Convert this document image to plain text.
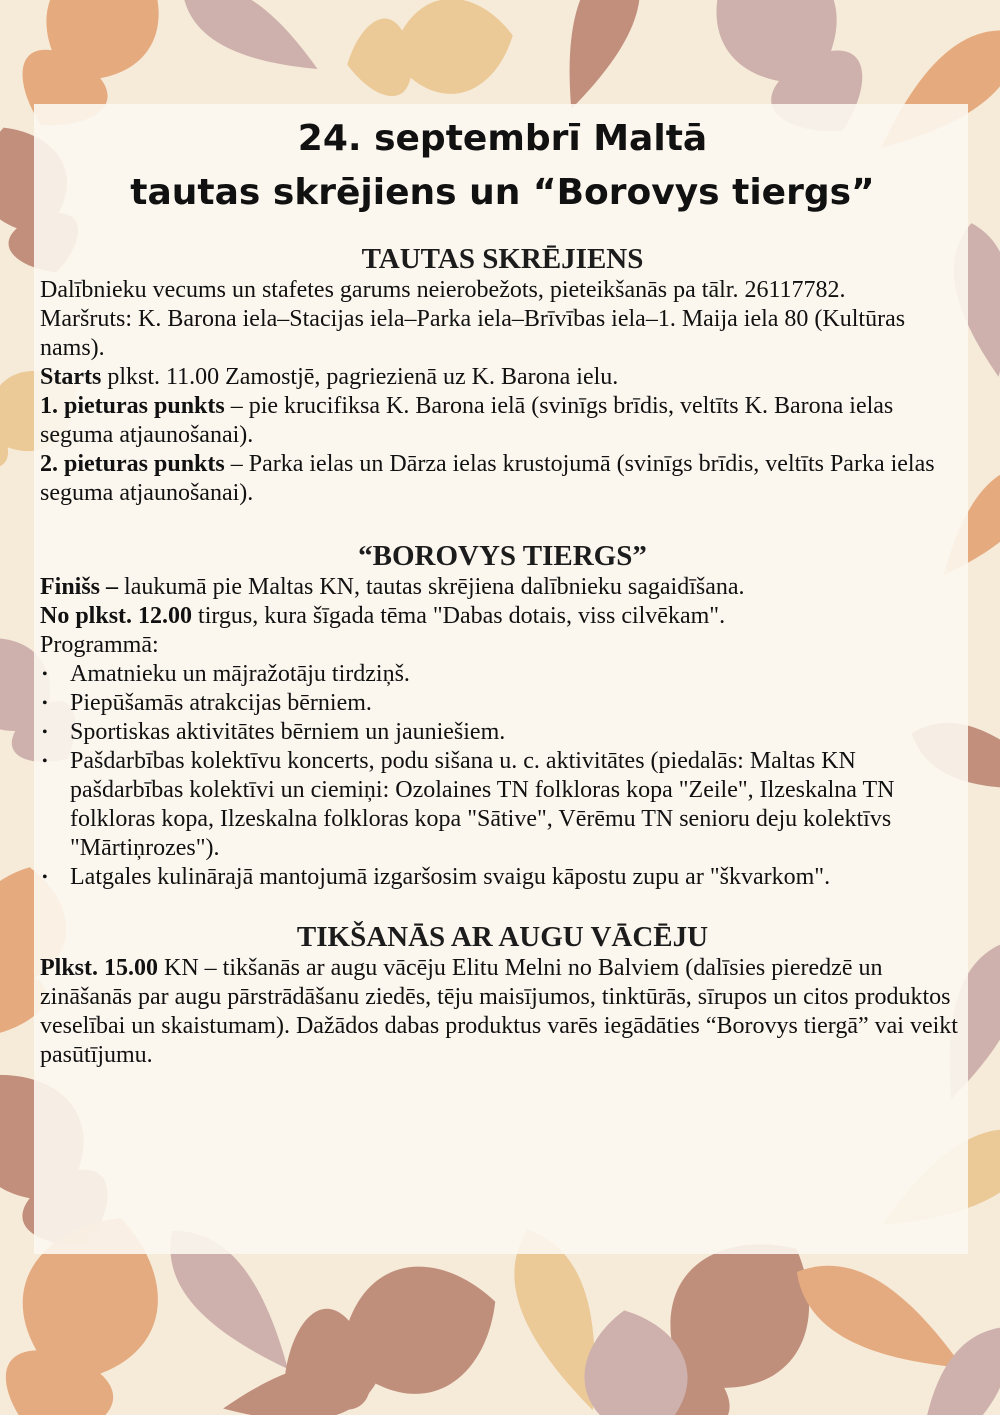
24. septembrī Maltā
tautas skrējiens un “Borovys tiergs”
TAUTAS SKRĒJIENS

Dalībnieku vecums un stafetes garums neierobežots, pieteikšanās pa tālr. 26117782.

Maršruts: K. Barona iela–Stacijas iela–Parka iela–Brīvības iela–1. Maija iela 80 (Kultūras nams).

Starts plkst. 11.00 Zamostjē, pagriezienā uz K. Barona ielu.

1. pieturas punkts – pie krucifiksa K. Barona ielā (svinīgs brīdis, veltīts K. Barona ielas seguma atjaunošanai).

2. pieturas punkts – Parka ielas un Dārza ielas krustojumā (svinīgs brīdis, veltīts Parka ielas seguma atjaunošanai).

“BOROVYS TIERGS”

Finišs – laukumā pie Maltas KN, tautas skrējiena dalībnieku sagaidīšana.

No plkst. 12.00 tirgus, kura šīgada tēma "Dabas dotais, viss cilvēkam".

Programmā:

• Amatnieku un mājražotāju tirdziņš.
• Piepūšamās atrakcijas bērniem.
• Sportiskas aktivitātes bērniem un jauniešiem.
• Pašdarbības kolektīvu koncerts, podu sišana u. c. aktivitātes (piedalās: Maltas KN pašdarbības kolektīvi un ciemiņi: Ozolaines TN folkloras kopa "Zeile", Ilzeskalna TN folkloras kopa, Ilzeskalna folkloras kopa "Sātive", Vērēmu TN senioru deju kolektīvs "Mārtiņrozes").
• Latgales kulinārajā mantojumā izgaršosim svaigu kāpostu zupu ar "škvarkom".
TIKŠANĀS AR AUGU VĀCĒJU

Plkst. 15.00 KN – tikšanās ar augu vācēju Elitu Melni no Balviem (dalīsies pieredzē un zināšanās par augu pārstrādāšanu ziedēs, tēju maisījumos, tinktūrās, sīrupos un citos produktos veselībai un skaistumam). Dažādos dabas produktus varēs iegādāties “Borovys tiergā” vai veikt pasūtījumu.
